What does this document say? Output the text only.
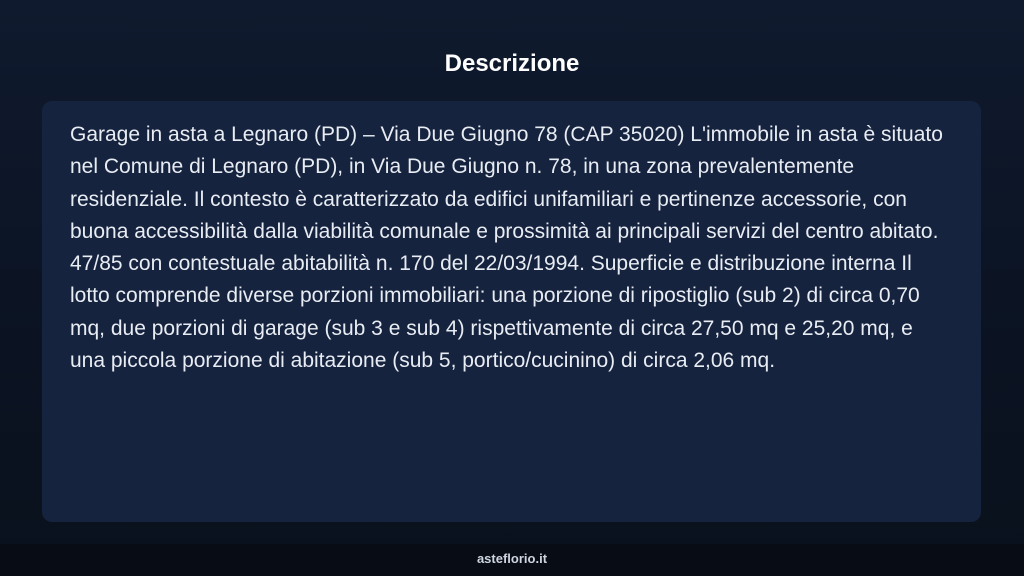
Descrizione

Garage in asta a Legnaro (PD) – Via Due Giugno 78 (CAP 35020) L'immobile in asta è situato nel Comune di Legnaro (PD), in Via Due Giugno n. 78, in una zona prevalentemente residenziale. Il contesto è caratterizzato da edifici unifamiliari e pertinenze accessorie, con buona accessibilità dalla viabilità comunale e prossimità ai principali servizi del centro abitato. 47/85 con contestuale abitabilità n. 170 del 22/03/1994. Superficie e distribuzione interna Il lotto comprende diverse porzioni immobiliari: una porzione di ripostiglio (sub 2) di circa 0,70 mq, due porzioni di garage (sub 3 e sub 4) rispettivamente di circa 27,50 mq e 25,20 mq, e una piccola porzione di abitazione (sub 5, portico/cucinino) di circa 2,06 mq.

asteflorio.it
